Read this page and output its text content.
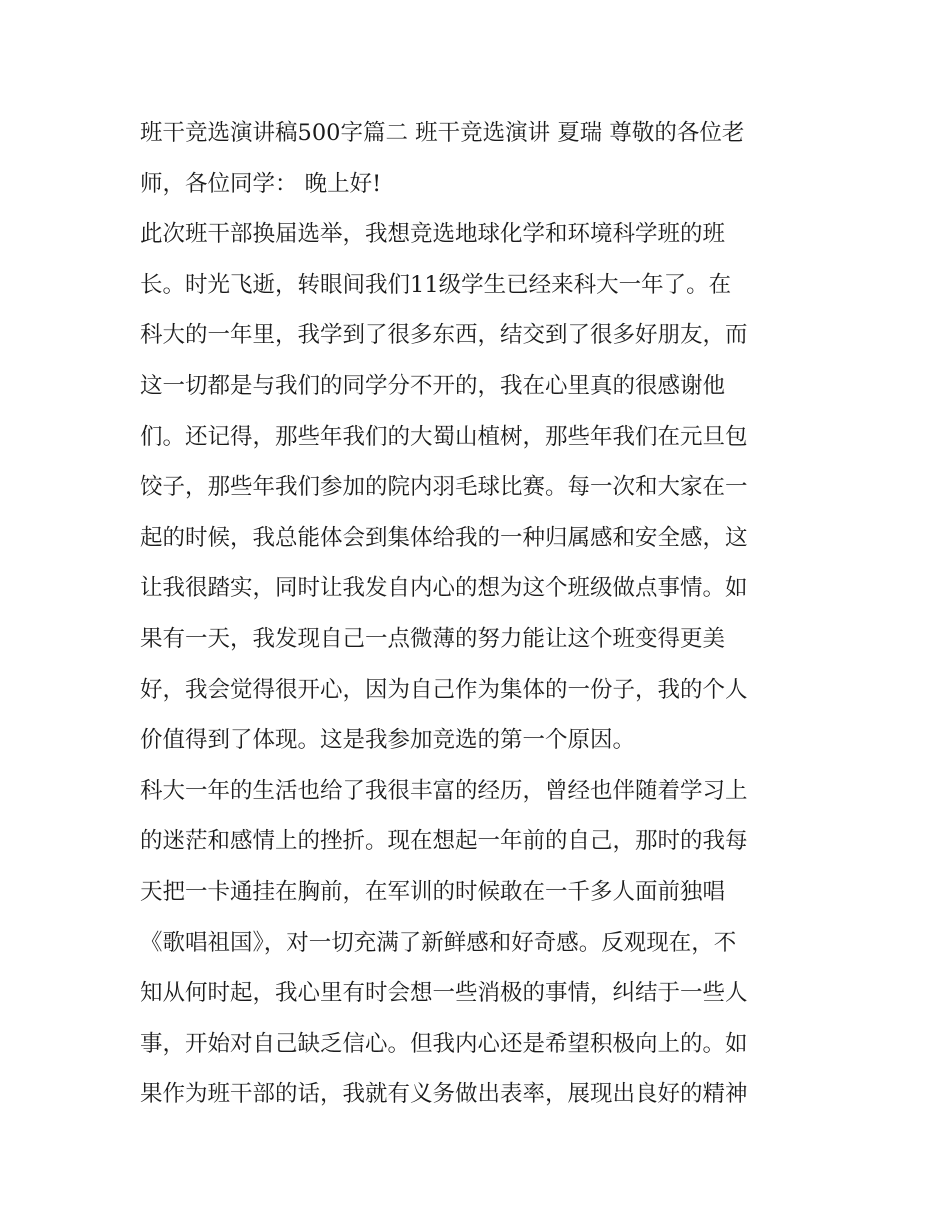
班干竞选演讲稿500字篇二 班干竞选演讲 夏瑞 尊敬的各位老
师，各位同学： 晚上好!
此次班干部换届选举，我想竞选地球化学和环境科学班的班
长。时光飞逝，转眼间我们11级学生已经来科大一年了。在
科大的一年里，我学到了很多东西，结交到了很多好朋友，而
这一切都是与我们的同学分不开的，我在心里真的很感谢他
们。还记得，那些年我们的大蜀山植树，那些年我们在元旦包
饺子，那些年我们参加的院内羽毛球比赛。每一次和大家在一
起的时候，我总能体会到集体给我的一种归属感和安全感，这
让我很踏实，同时让我发自内心的想为这个班级做点事情。如
果有一天，我发现自己一点微薄的努力能让这个班变得更美
好，我会觉得很开心，因为自己作为集体的一份子，我的个人
价值得到了体现。这是我参加竞选的第一个原因。
科大一年的生活也给了我很丰富的经历，曾经也伴随着学习上
的迷茫和感情上的挫折。现在想起一年前的自己，那时的我每
天把一卡通挂在胸前，在军训的时候敢在一千多人面前独唱
《歌唱祖国》，对一切充满了新鲜感和好奇感。反观现在，不
知从何时起，我心里有时会想一些消极的事情，纠结于一些人
事，开始对自己缺乏信心。但我内心还是希望积极向上的。如
果作为班干部的话，我就有义务做出表率，展现出良好的精神
